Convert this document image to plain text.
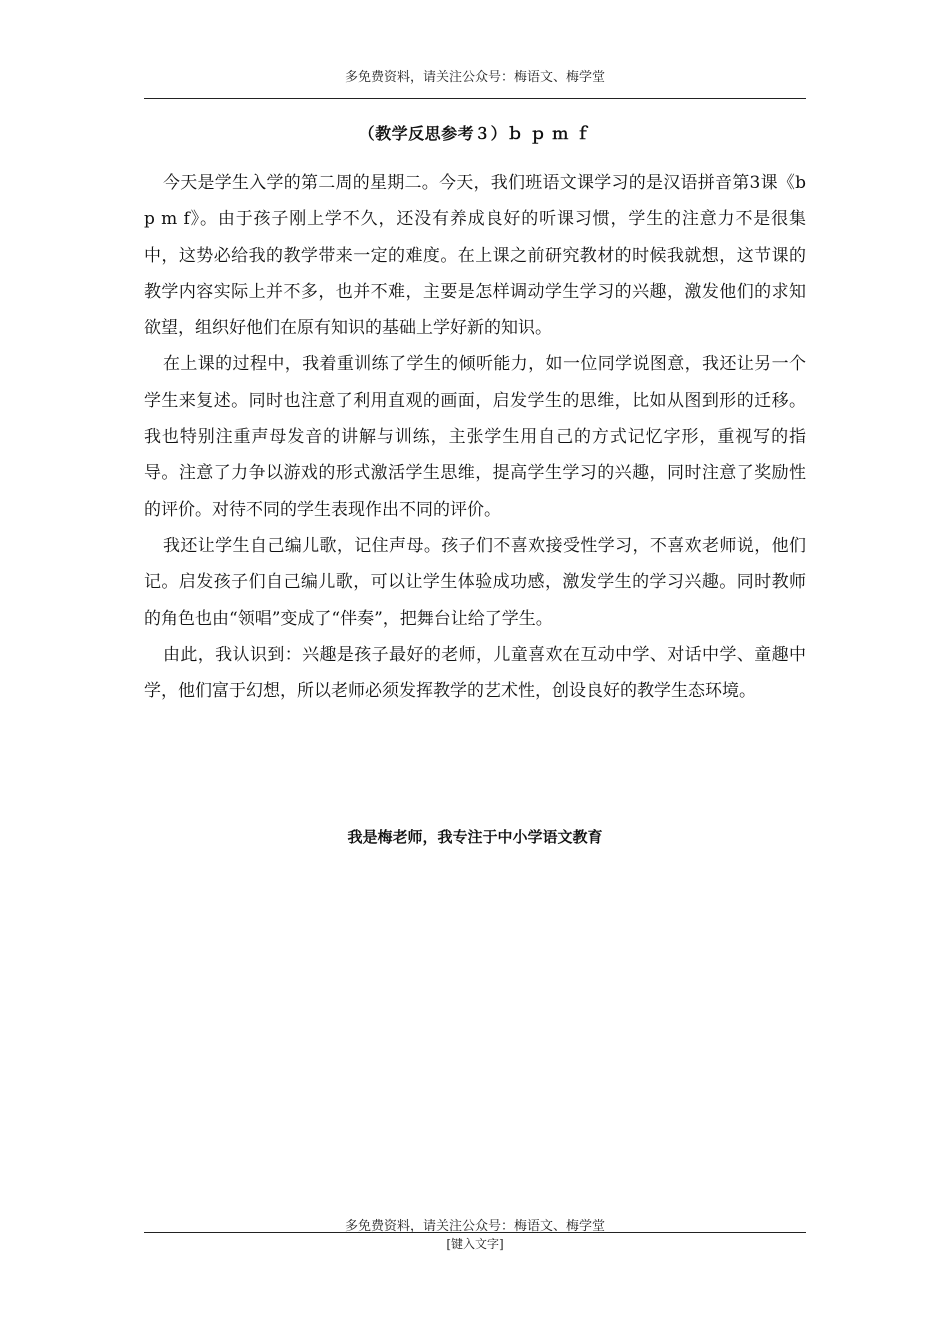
多免费资料，请关注公众号：梅语文、梅学堂
（教学反思参考３）ｂ ｐ ｍ ｆ

今天是学生入学的第二周的星期二。今天，我们班语文课学习的是汉语拼音第3课《b p m f》。由于孩子刚上学不久，还没有养成良好的听课习惯，学生的注意力不是很集中，这势必给我的教学带来一定的难度。在上课之前研究教材的时候我就想，这节课的教学内容实际上并不多，也并不难，主要是怎样调动学生学习的兴趣，激发他们的求知欲望，组织好他们在原有知识的基础上学好新的知识。

在上课的过程中，我着重训练了学生的倾听能力，如一位同学说图意，我还让另一个学生来复述。同时也注意了利用直观的画面，启发学生的思维，比如从图到形的迁移。我也特别注重声母发音的讲解与训练，主张学生用自己的方式记忆字形，重视写的指导。注意了力争以游戏的形式激活学生思维，提高学生学习的兴趣，同时注意了奖励性的评价。对待不同的学生表现作出不同的评价。

我还让学生自己编儿歌，记住声母。孩子们不喜欢接受性学习，不喜欢老师说，他们记。启发孩子们自己编儿歌，可以让学生体验成功感，激发学生的学习兴趣。同时教师的角色也由“领唱”变成了“伴奏”，把舞台让给了学生。

由此，我认识到：兴趣是孩子最好的老师，儿童喜欢在互动中学、对话中学、童趣中学，他们富于幻想，所以老师必须发挥教学的艺术性，创设良好的教学生态环境。

我是梅老师，我专注于中小学语文教育
多免费资料，请关注公众号：梅语文、梅学堂
[键入文字]
